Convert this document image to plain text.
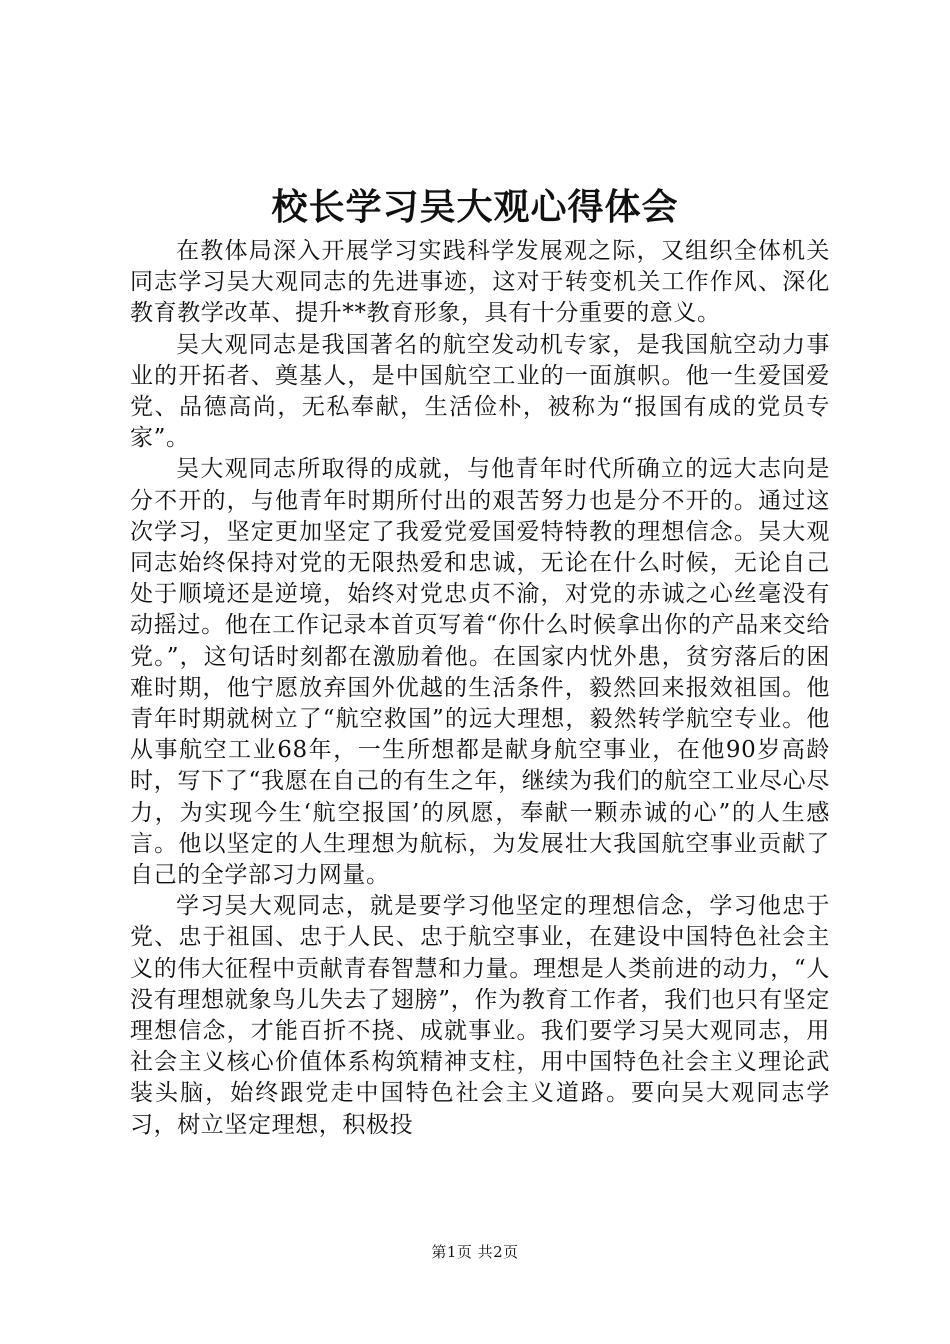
校长学习吴大观心得体会

在教体局深入开展学习实践科学发展观之际，又组织全体机关同志学习吴大观同志的先进事迹，这对于转变机关工作作风、深化教育教学改革、提升**教育形象，具有十分重要的意义。

吴大观同志是我国著名的航空发动机专家，是我国航空动力事业的开拓者、奠基人，是中国航空工业的一面旗帜。他一生爱国爱党、品德高尚，无私奉献，生活俭朴，被称为“报国有成的党员专家”。

吴大观同志所取得的成就，与他青年时代所确立的远大志向是分不开的，与他青年时期所付出的艰苦努力也是分不开的。通过这次学习，坚定更加坚定了我爱党爱国爱特特教的理想信念。吴大观同志始终保持对党的无限热爱和忠诚，无论在什么时候，无论自己处于顺境还是逆境，始终对党忠贞不渝，对党的赤诚之心丝毫没有动摇过。他在工作记录本首页写着“你什么时候拿出你的产品来交给党。”，这句话时刻都在激励着他。在国家内忧外患，贫穷落后的困难时期，他宁愿放弃国外优越的生活条件，毅然回来报效祖国。他青年时期就树立了“航空救国”的远大理想，毅然转学航空专业。他从事航空工业68年，一生所想都是献身航空事业，在他90岁高龄时，写下了“我愿在自己的有生之年，继续为我们的航空工业尽心尽力，为实现今生‘航空报国’的夙愿，奉献一颗赤诚的心”的人生感言。他以坚定的人生理想为航标，为发展壮大我国航空事业贡献了自己的全学部习力网量。

学习吴大观同志，就是要学习他坚定的理想信念，学习他忠于党、忠于祖国、忠于人民、忠于航空事业，在建设中国特色社会主义的伟大征程中贡献青春智慧和力量。理想是人类前进的动力，“人没有理想就象鸟儿失去了翅膀”，作为教育工作者，我们也只有坚定理想信念，才能百折不挠、成就事业。我们要学习吴大观同志，用社会主义核心价值体系构筑精神支柱，用中国特色社会主义理论武装头脑，始终跟党走中国特色社会主义道路。要向吴大观同志学习，树立坚定理想，积极投

第1页 共2页
